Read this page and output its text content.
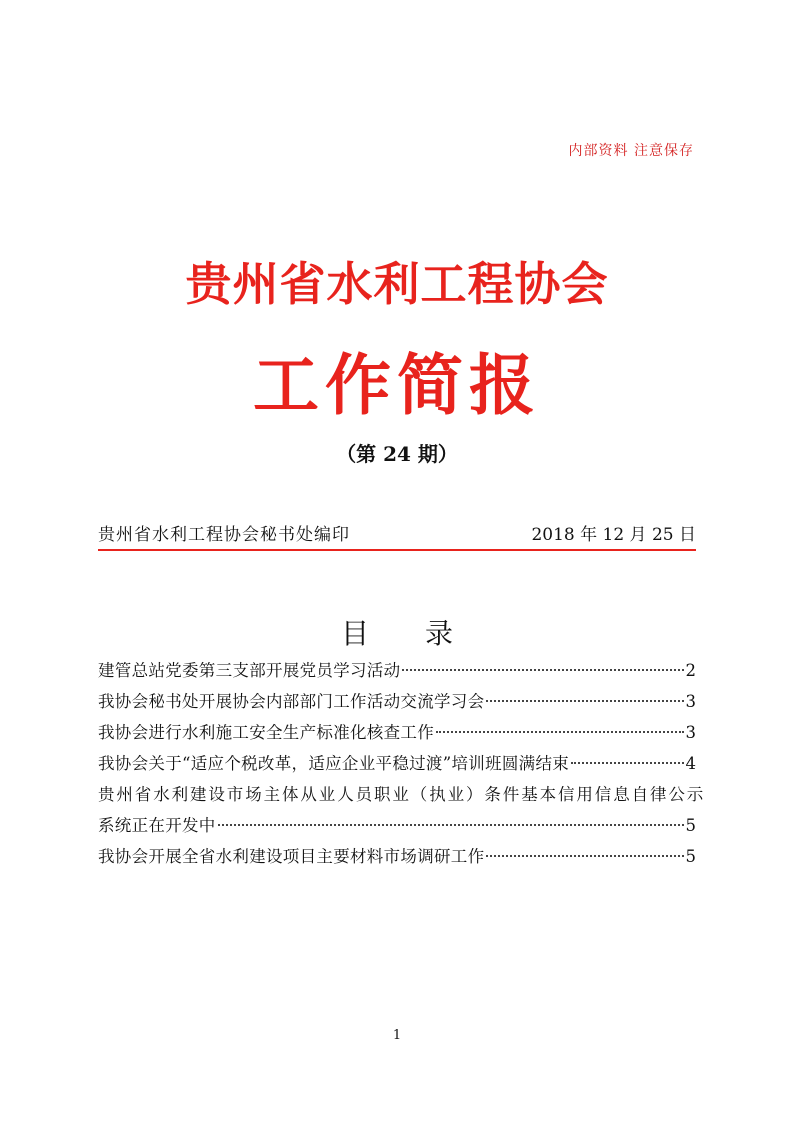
内部资料 注意保存
贵州省水利工程协会
工作简报
（第 24 期）
贵州省水利工程协会秘书处编印	2018 年 12 月 25 日
目 录
建管总站党委第三支部开展党员学习活动	2
我协会秘书处开展协会内部部门工作活动交流学习会	3
我协会进行水利施工安全生产标准化核查工作	3
我协会关于“适应个税改革，适应企业平稳过渡”培训班圆满结束	4
贵州省水利建设市场主体从业人员职业（执业）条件基本信用信息自律公示
系统正在开发中	5
我协会开展全省水利建设项目主要材料市场调研工作	5
1
